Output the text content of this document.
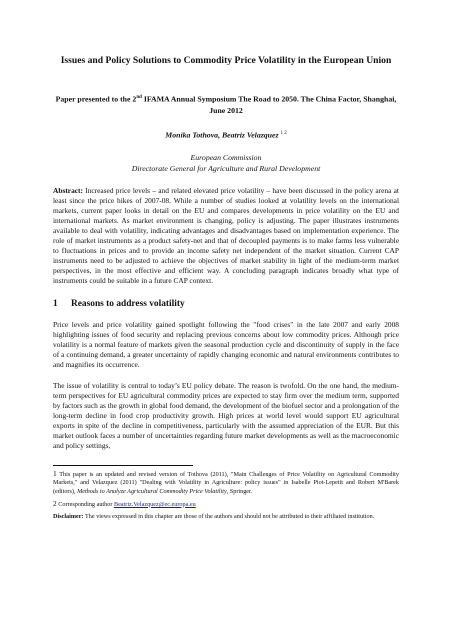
Issues and Policy Solutions to Commodity Price Volatility in the European Union

Paper presented to the 2nd IFAMA Annual Symposium The Road to 2050. The China Factor, Shanghai, June 2012

Monika Tothova, Beatriz Velazquez $^{1 2}$

European Commission
Directorate General for Agriculture and Rural Development

Abstract: Increased price levels – and related elevated price volatility – have been discussed in the policy arena at least since the price hikes of 2007-08. While a number of studies looked at volatility levels on the international markets, current paper looks in detail on the EU and compares developments in price volatility on the EU and international markets. As market environment is changing, policy is adjusting. The paper illustrates instruments available to deal with volatility, indicating advantages and disadvantages based on implementation experience. The role of market instruments as a product safety-net and that of decoupled payments is to make farms less vulnerable to fluctuations in prices and to provide an income safety net independent of the market situation. Current CAP instruments need to be adjusted to achieve the objectives of market stability in light of the medium-term market perspectives, in the most effective and efficient way. A concluding paragraph indicates broadly what type of instruments could be suitable in a future CAP context.

1	Reasons to address volatility

Price levels and price volatility gained spotlight following the "food crises" in the late 2007 and early 2008 highlighting issues of food security and replacing previous concerns about low commodity prices. Although price volatility is a normal feature of markets given the seasonal production cycle and discontinuity of supply in the face of a continuing demand, a greater uncertainty of rapidly changing economic and natural environments contributes to and magnifies its occurrence.

The issue of volatility is central to today’s EU policy debate. The reason is twofold. On the one hand, the medium-term perspectives for EU agricultural commodity prices are expected to stay firm over the medium term, supported by factors such as the growth in global food demand, the development of the biofuel sector and a prolongation of the long-term decline in food crop productivity growth. High prices at world level would support EU agricultural exports in spite of the decline in competitiveness, particularly with the assumed appreciation of the EUR. But this market outlook faces a number of uncertainties regarding future market developments as well as the macroeconomic and policy settings,

1 This paper is an updated and revised version of Tothova (2011), "Main Challenges of Price Volatility on Agricultural Commodity Markets," and Velazquez (2011) "Dealing with Volatility in Agriculture: policy issues" in Isabelle Piot-Lepetit and Robert M'Barek (editors), Methods to Analyze Agricultural Commodity Price Volatility, Springer.

2 Corresponding author Beatriz.Velazquez@ec.europa.eu

Disclaimer: The views expressed in this chapter are those of the authors and should not be attributed to their affiliated institution.
